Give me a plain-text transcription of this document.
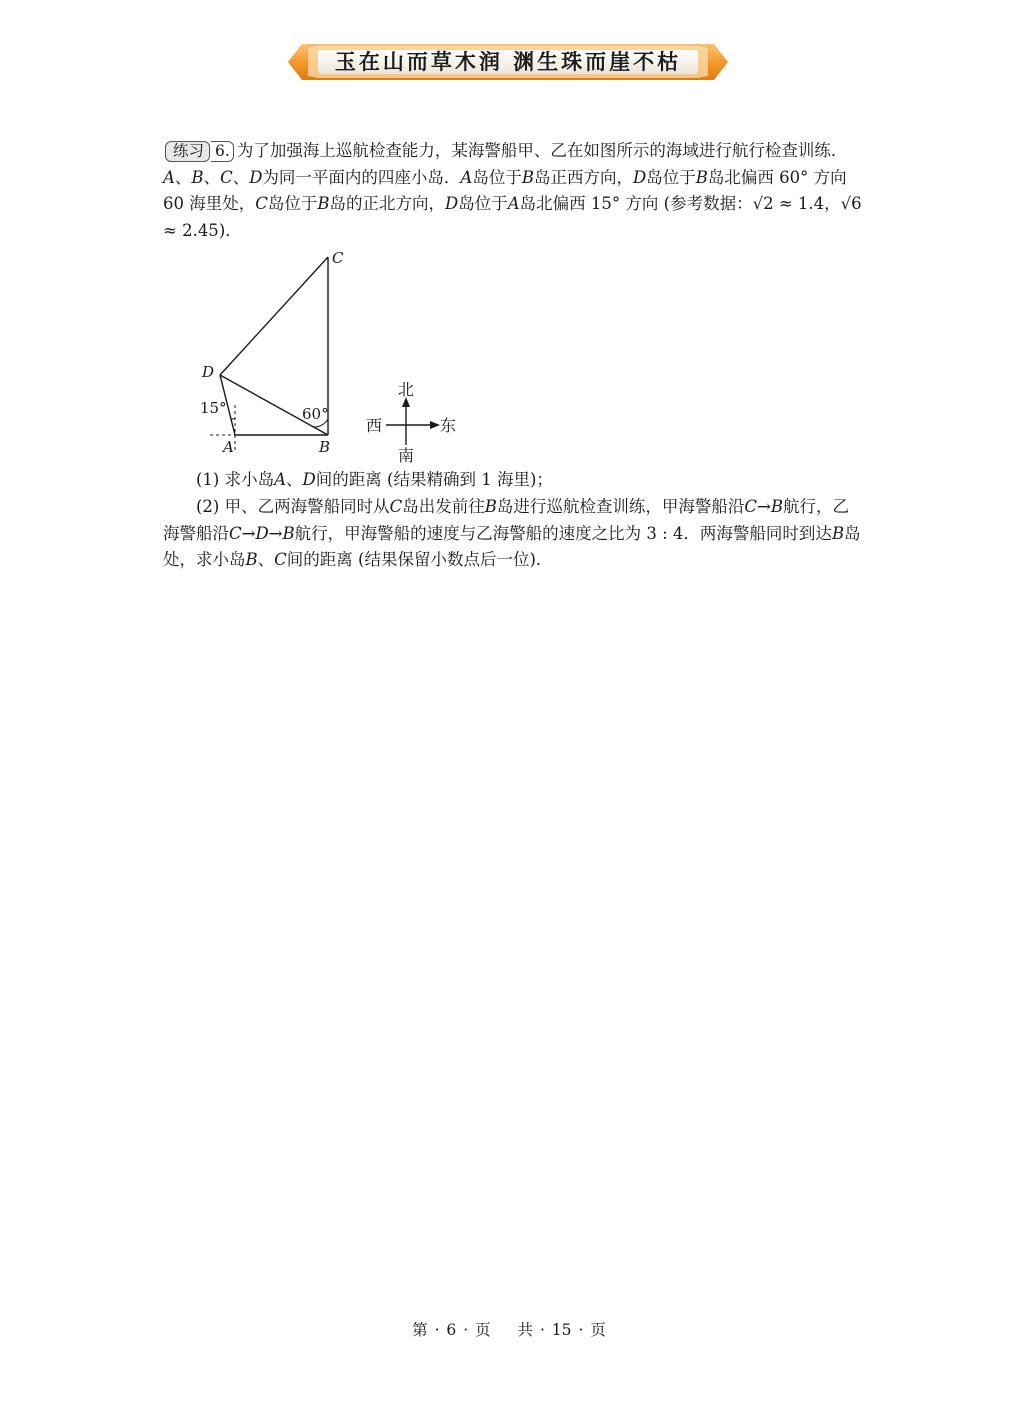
玉在山而草木润 渊生珠而崖不枯

练习 6. 为了加强海上巡航检查能力，某海警船甲、乙在如图所示的海域进行航行检查训练．A、B、C、D为同一平面内的四座小岛．A岛位于B岛正西方向，D岛位于B岛北偏西 60° 方向 60 海里处，C岛位于B岛的正北方向，D岛位于A岛北偏西 15° 方向 (参考数据：√2 ≈ 1.4，√6 ≈ 2.45)．

C
D
A	B
15°	60°
北
南
西	东

(1) 求小岛A、D间的距离 (结果精确到 1 海里)；

(2) 甲、乙两海警船同时从C岛出发前往B岛进行巡航检查训练，甲海警船沿C→B航行，乙海警船沿C→D→B航行，甲海警船的速度与乙海警船的速度之比为 3 : 4．两海警船同时到达B岛处，求小岛B、C间的距离 (结果保留小数点后一位)．

第 · 6 · 页 共 · 15 · 页
